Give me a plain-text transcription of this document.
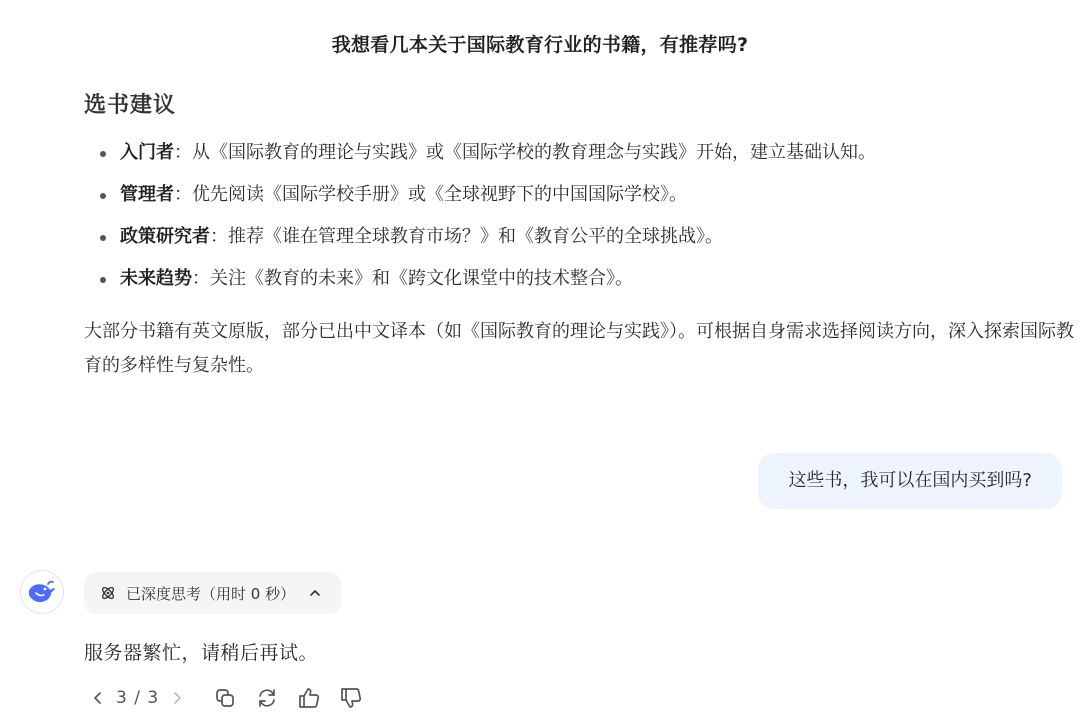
我想看几本关于国际教育行业的书籍，有推荐吗?
选书建议
入门者：从《国际教育的理论与实践》或《国际学校的教育理念与实践》开始，建立基础认知。
管理者：优先阅读《国际学校手册》或《全球视野下的中国国际学校》。
政策研究者：推荐《谁在管理全球教育市场？》和《教育公平的全球挑战》。
未来趋势：关注《教育的未来》和《跨文化课堂中的技术整合》。
大部分书籍有英文原版，部分已出中文译本（如《国际教育的理论与实践》）。可根据自身需求选择阅读方向，深入探索国际教育的多样性与复杂性。
这些书，我可以在国内买到吗?
已深度思考（用时 0 秒）
服务器繁忙，请稍后再试。
3 / 3
